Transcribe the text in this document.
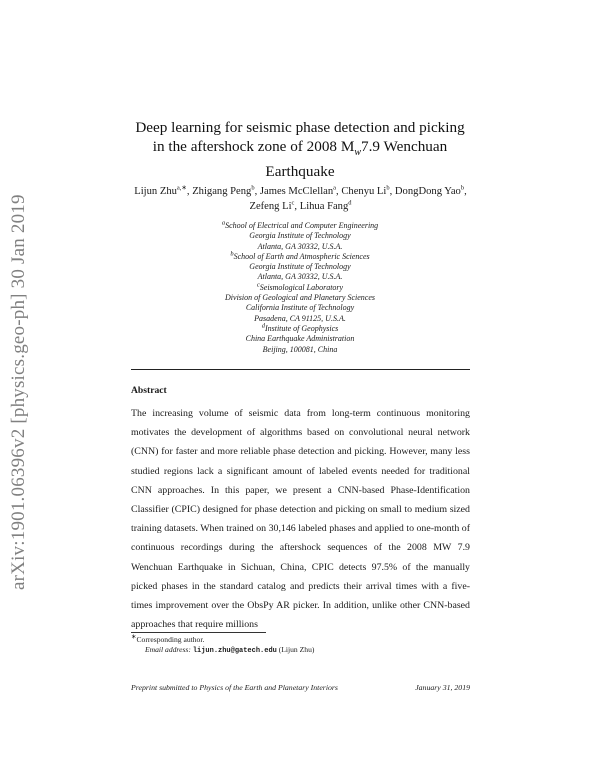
arXiv:1901.06396v2 [physics.geo-ph] 30 Jan 2019
Deep learning for seismic phase detection and picking
in the aftershock zone of 2008 $M_w7.9$ Wenchuan
Earthquake
Lijun Zhu$^{a,∗}$, Zhigang Peng$^b$, James McClellan$^a$, Chenyu Li$^b$, DongDong Yao$^b$,
Zefeng Li$^c$, Lihua Fang$^d$
$^a$School of Electrical and Computer Engineering
Georgia Institute of Technology
Atlanta, GA 30332, U.S.A.
$^b$School of Earth and Atmospheric Sciences
Georgia Institute of Technology
Atlanta, GA 30332, U.S.A.
$^c$Seismological Laboratory
Division of Geological and Planetary Sciences
California Institute of Technology
Pasadena, CA 91125, U.S.A.
$^d$Institute of Geophysics
China Earthquake Administration
Beijing, 100081, China
Abstract
The increasing volume of seismic data from long-term continuous monitoring motivates the development of algorithms based on convolutional neural network (CNN) for faster and more reliable phase detection and picking. However, many less studied regions lack a significant amount of labeled events needed for traditional CNN approaches. In this paper, we present a CNN-based Phase-Identification Classifier (CPIC) designed for phase detection and picking on small to medium sized training datasets. When trained on 30,146 labeled phases and applied to one-month of continuous recordings during the aftershock sequences of the 2008 MW 7.9 Wenchuan Earthquake in Sichuan, China, CPIC detects 97.5% of the manually picked phases in the standard catalog and predicts their arrival times with a five-times improvement over the ObsPy AR picker. In addition, unlike other CNN-based approaches that require millions
∗Corresponding author.
Email address: lijun.zhu@gatech.edu (Lijun Zhu)
Preprint submitted to Physics of the Earth and Planetary Interiors	January 31, 2019
